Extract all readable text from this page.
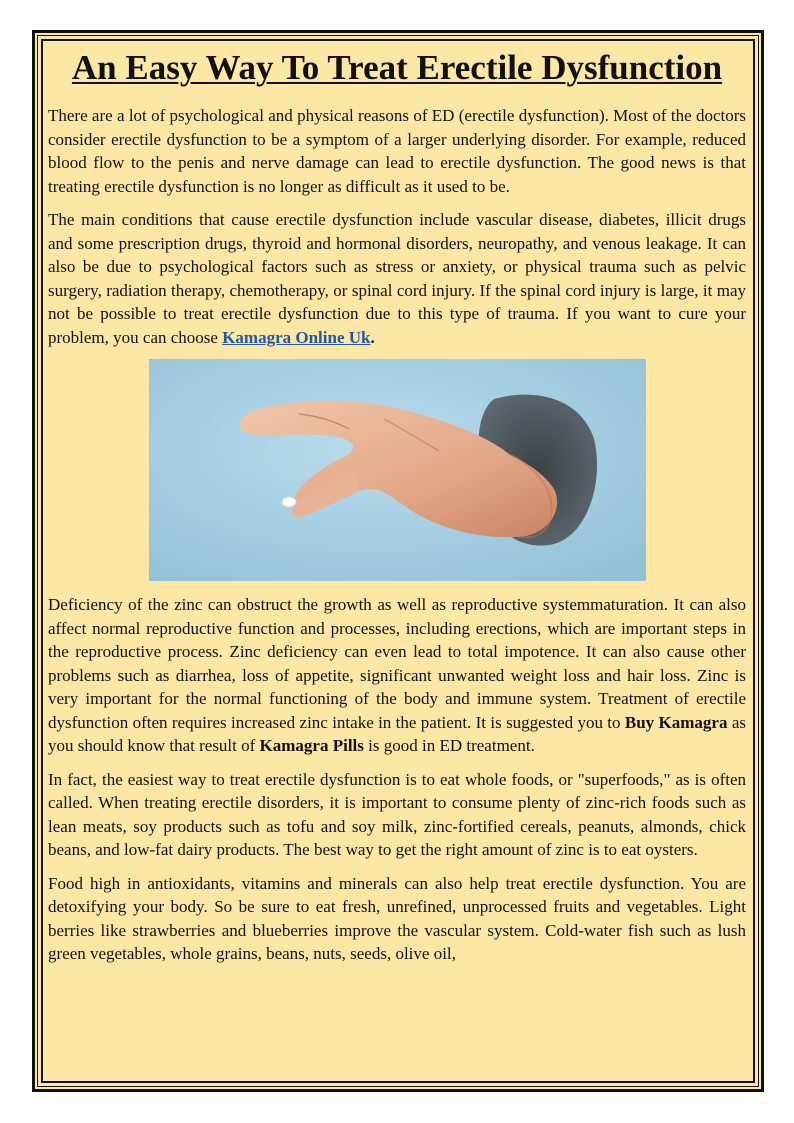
An Easy Way To Treat Erectile Dysfunction

There are a lot of psychological and physical reasons of ED (erectile dysfunction). Most of the doctors consider erectile dysfunction to be a symptom of a larger underlying disorder. For example, reduced blood flow to the penis and nerve damage can lead to erectile dysfunction. The good news is that treating erectile dysfunction is no longer as difficult as it used to be.

The main conditions that cause erectile dysfunction include vascular disease, diabetes, illicit drugs and some prescription drugs, thyroid and hormonal disorders, neuropathy, and venous leakage. It can also be due to psychological factors such as stress or anxiety, or physical trauma such as pelvic surgery, radiation therapy, chemotherapy, or spinal cord injury. If the spinal cord injury is large, it may not be possible to treat erectile dysfunction due to this type of trauma. If you want to cure your problem, you can choose Kamagra Online Uk.

Deficiency of the zinc can obstruct the growth as well as reproductive systemmaturation. It can also affect normal reproductive function and processes, including erections, which are important steps in the reproductive process. Zinc deficiency can even lead to total impotence. It can also cause other problems such as diarrhea, loss of appetite, significant unwanted weight loss and hair loss. Zinc is very important for the normal functioning of the body and immune system. Treatment of erectile dysfunction often requires increased zinc intake in the patient. It is suggested you to Buy Kamagra as you should know that result of Kamagra Pills is good in ED treatment.

In fact, the easiest way to treat erectile dysfunction is to eat whole foods, or "superfoods," as is often called. When treating erectile disorders, it is important to consume plenty of zinc-rich foods such as lean meats, soy products such as tofu and soy milk, zinc-fortified cereals, peanuts, almonds, chick beans, and low-fat dairy products. The best way to get the right amount of zinc is to eat oysters.

Food high in antioxidants, vitamins and minerals can also help treat erectile dysfunction. You are detoxifying your body. So be sure to eat fresh, unrefined, unprocessed fruits and vegetables. Light berries like strawberries and blueberries improve the vascular system. Cold-water fish such as lush green vegetables, whole grains, beans, nuts, seeds, olive oil,
